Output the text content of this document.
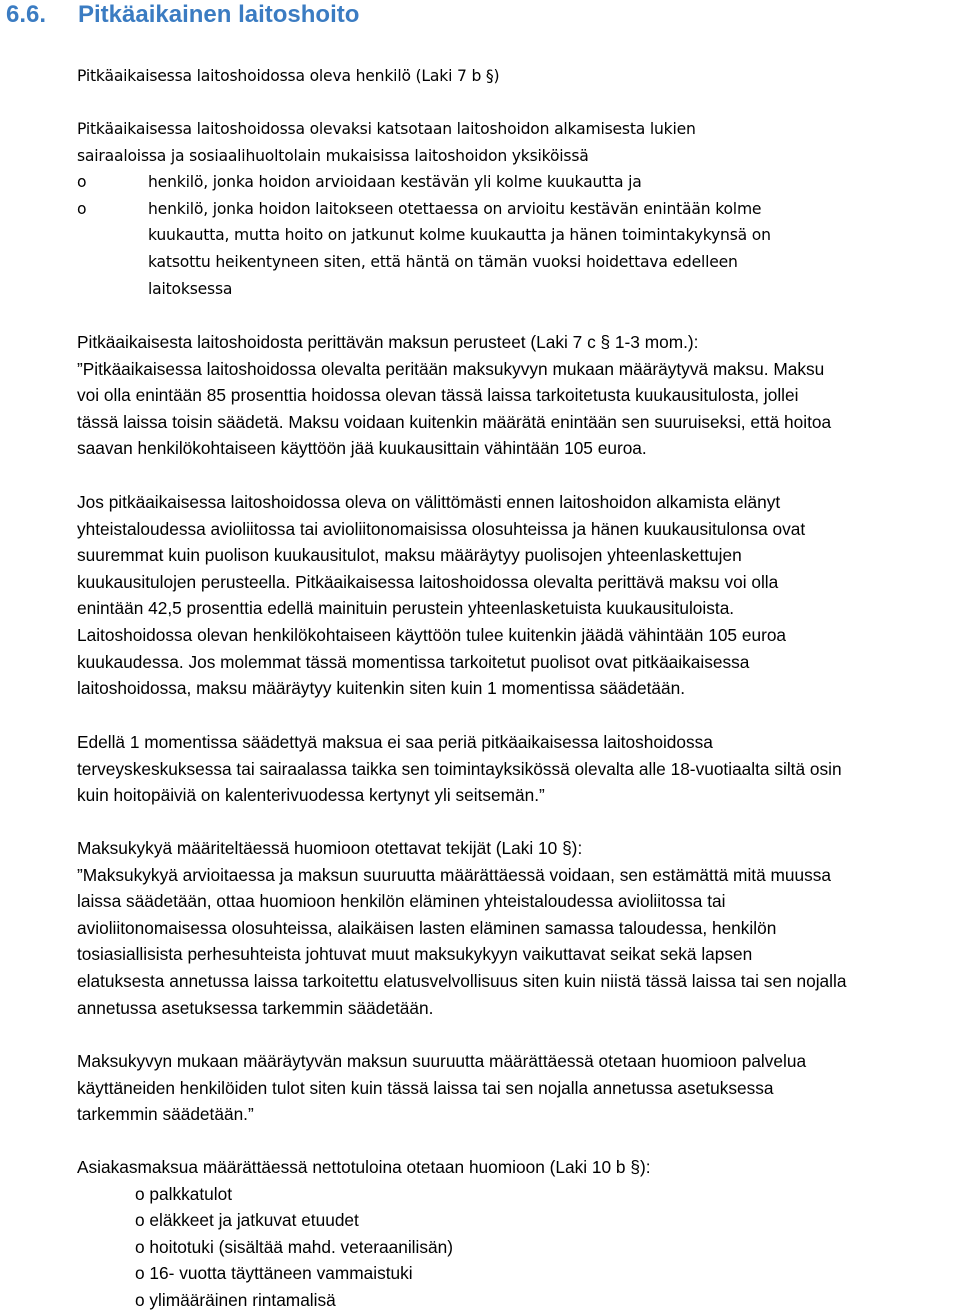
6.6. Pitkäaikainen laitoshoito
Pitkäaikaisessa laitoshoidossa oleva henkilö (Laki 7 b §)
Pitkäaikaisessa laitoshoidossa olevaksi katsotaan laitoshoidon alkamisesta lukien
sairaaloissa ja sosiaalihuoltolain mukaisissa laitoshoidon yksiköissä
o	henkilö, jonka hoidon arvioidaan kestävän yli kolme kuukautta ja
o	henkilö, jonka hoidon laitokseen otettaessa on arvioitu kestävän enintään kolme
kuukautta, mutta hoito on jatkunut kolme kuukautta ja hänen toimintakykynsä on
katsottu heikentyneen siten, että häntä on tämän vuoksi hoidettava edelleen
laitoksessa
Pitkäaikaisesta laitoshoidosta perittävän maksun perusteet (Laki 7 c § 1-3 mom.):
”Pitkäaikaisessa laitoshoidossa olevalta peritään maksukyvyn mukaan määräytyvä maksu. Maksu
voi olla enintään 85 prosenttia hoidossa olevan tässä laissa tarkoitetusta kuukausitulosta, jollei
tässä laissa toisin säädetä. Maksu voidaan kuitenkin määrätä enintään sen suuruiseksi, että hoitoa
saavan henkilökohtaiseen käyttöön jää kuukausittain vähintään 105 euroa.
Jos pitkäaikaisessa laitoshoidossa oleva on välittömästi ennen laitoshoidon alkamista elänyt
yhteistaloudessa avioliitossa tai avioliitonomaisissa olosuhteissa ja hänen kuukausitulonsa ovat
suuremmat kuin puolison kuukausitulot, maksu määräytyy puolisojen yhteenlaskettujen
kuukausitulojen perusteella. Pitkäaikaisessa laitoshoidossa olevalta perittävä maksu voi olla
enintään 42,5 prosenttia edellä mainituin perustein yhteenlasketuista kuukausituloista.
Laitoshoidossa olevan henkilökohtaiseen käyttöön tulee kuitenkin jäädä vähintään 105 euroa
kuukaudessa. Jos molemmat tässä momentissa tarkoitetut puolisot ovat pitkäaikaisessa
laitoshoidossa, maksu määräytyy kuitenkin siten kuin 1 momentissa säädetään.
Edellä 1 momentissa säädettyä maksua ei saa periä pitkäaikaisessa laitoshoidossa
terveyskeskuksessa tai sairaalassa taikka sen toimintayksikössä olevalta alle 18-vuotiaalta siltä osin
kuin hoitopäiviä on kalenterivuodessa kertynyt yli seitsemän.”
Maksukykyä määriteltäessä huomioon otettavat tekijät (Laki 10 §):
”Maksukykyä arvioitaessa ja maksun suuruutta määrättäessä voidaan, sen estämättä mitä muussa
laissa säädetään, ottaa huomioon henkilön eläminen yhteistaloudessa avioliitossa tai
avioliitonomaisessa olosuhteissa, alaikäisen lasten eläminen samassa taloudessa, henkilön
tosiasiallisista perhesuhteista johtuvat muut maksukykyyn vaikuttavat seikat sekä lapsen
elatuksesta annetussa laissa tarkoitettu elatusvelvollisuus siten kuin niistä tässä laissa tai sen nojalla
annetussa asetuksessa tarkemmin säädetään.
Maksukyvyn mukaan määräytyvän maksun suuruutta määrättäessä otetaan huomioon palvelua
käyttäneiden henkilöiden tulot siten kuin tässä laissa tai sen nojalla annetussa asetuksessa
tarkemmin säädetään.”
Asiakasmaksua määrättäessä nettotuloina otetaan huomioon (Laki 10 b §):
o palkkatulot
o eläkkeet ja jatkuvat etuudet
o hoitotuki (sisältää mahd. veteraanilisän)
o 16- vuotta täyttäneen vammaistuki
o ylimääräinen rintamalisä
